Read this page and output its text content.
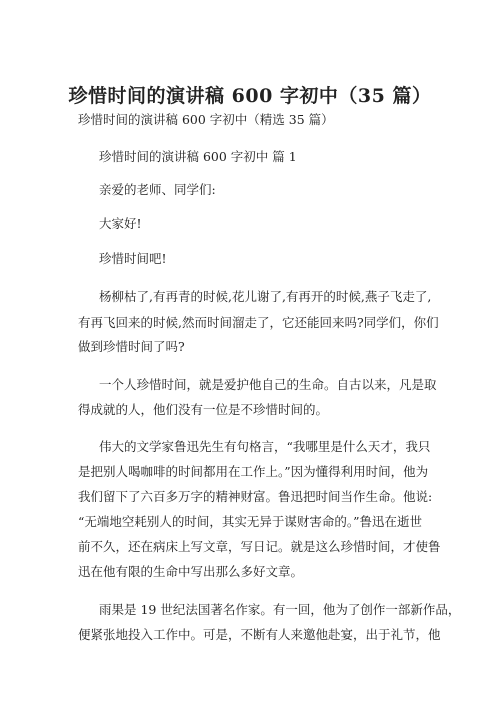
珍惜时间的演讲稿 600 字初中（35 篇）
珍惜时间的演讲稿 600 字初中（精选 35 篇）
珍惜时间的演讲稿 600 字初中 篇 1
亲爱的老师、同学们:
大家好!
珍惜时间吧!
杨柳枯了,有再青的时候,花儿谢了,有再开的时候,燕子飞走了,
有再飞回来的时候,然而时间溜走了，它还能回来吗?同学们，你们
做到珍惜时间了吗?
一个人珍惜时间，就是爱护他自己的生命。自古以来，凡是取
得成就的人，他们没有一位是不珍惜时间的。
伟大的文学家鲁迅先生有句格言，“我哪里是什么天才，我只
是把别人喝咖啡的时间都用在工作上。”因为懂得利用时间，他为
我们留下了六百多万字的精神财富。鲁迅把时间当作生命。他说:
“无端地空耗别人的时间，其实无异于谋财害命的。”鲁迅在逝世
前不久，还在病床上写文章，写日记。就是这么珍惜时间，才使鲁
迅在他有限的生命中写出那么多好文章。
雨果是 19 世纪法国著名作家。有一回，他为了创作一部新作品，
便紧张地投入工作中。可是，不断有人来邀他赴宴，出于礼节，他
